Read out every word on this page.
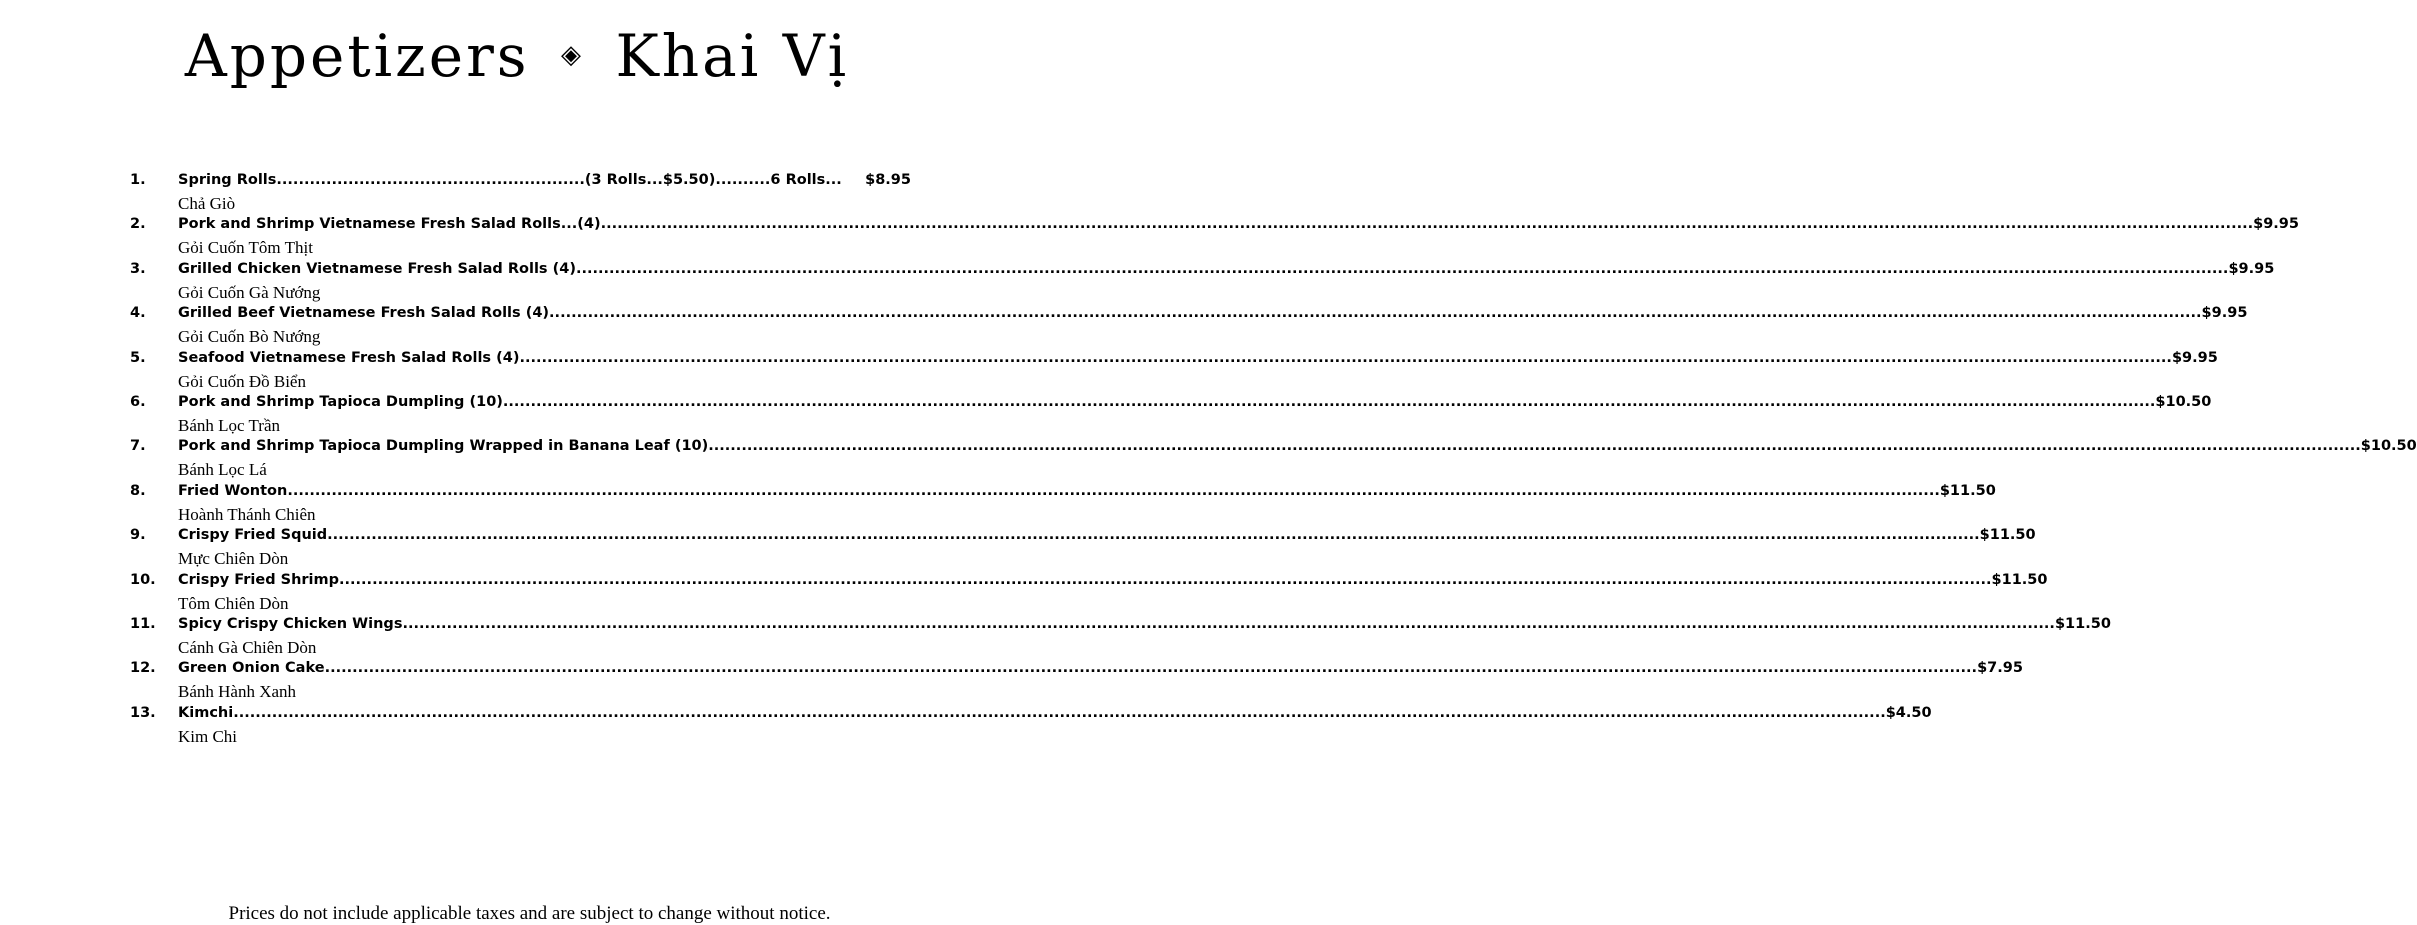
Appetizers ◈ Khai Vị
1.	Spring Rolls........................................................(3 Rolls...$5.50)..........6 Rolls... $8.95
Chả Giò
2.	Pork and Shrimp Vietnamese Fresh Salad Rolls...(4)............................................................................................................................................................................................................................................................................................................ $9.95
Gỏi Cuốn Tôm Thịt
3.	Grilled Chicken Vietnamese Fresh Salad Rolls (4)............................................................................................................................................................................................................................................................................................................ $9.95
Gỏi Cuốn Gà Nướng
4.	Grilled Beef Vietnamese Fresh Salad Rolls (4)............................................................................................................................................................................................................................................................................................................ $9.95
Gỏi Cuốn Bò Nướng
5.	Seafood Vietnamese Fresh Salad Rolls (4)............................................................................................................................................................................................................................................................................................................ $9.95
Gỏi Cuốn Đồ Biển
6.	Pork and Shrimp Tapioca Dumpling (10)............................................................................................................................................................................................................................................................................................................ $10.50
Bánh Lọc Trần
7.	Pork and Shrimp Tapioca Dumpling Wrapped in Banana Leaf (10)............................................................................................................................................................................................................................................................................................................ $10.50
Bánh Lọc Lá
8.	Fried Wonton............................................................................................................................................................................................................................................................................................................ $11.50
Hoành Thánh Chiên
9.	Crispy Fried Squid............................................................................................................................................................................................................................................................................................................ $11.50
Mực Chiên Dòn
10.	Crispy Fried Shrimp............................................................................................................................................................................................................................................................................................................ $11.50
Tôm Chiên Dòn
11.	Spicy Crispy Chicken Wings............................................................................................................................................................................................................................................................................................................ $11.50
Cánh Gà Chiên Dòn
12.	Green Onion Cake............................................................................................................................................................................................................................................................................................................ $7.95
Bánh Hành Xanh
13.	Kimchi............................................................................................................................................................................................................................................................................................................ $4.50
Kim Chi
Prices do not include applicable taxes and are subject to change without notice.
